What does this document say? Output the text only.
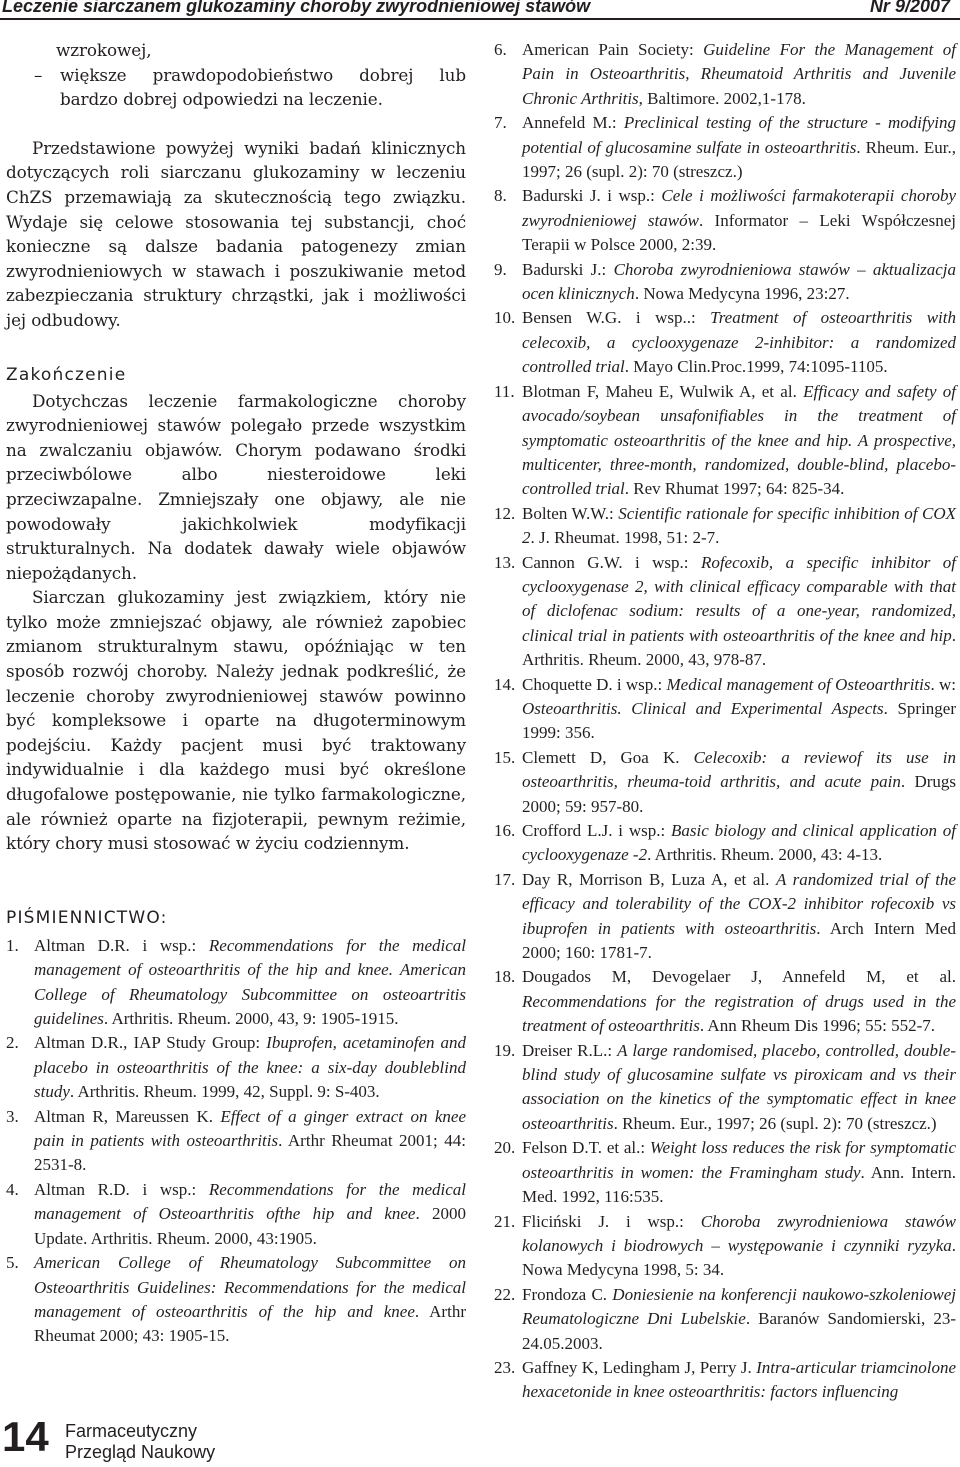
Leczenie siarczanem glukozaminy choroby zwyrodnieniowej stawów	Nr 9/2007

wzrokowej,

–	większe prawdopodobieństwo dobrej lub bardzo dobrej odpowiedzi na leczenie.

Przedstawione powyżej wyniki badań klinicznych dotyczących roli siarczanu glukozaminy w leczeniu ChZS przemawiają za skutecznością tego związku. Wydaje się celowe stosowania tej substancji, choć konieczne są dalsze badania patogenezy zmian zwyrodnieniowych w stawach i poszukiwanie metod zabezpieczania struktury chrząstki, jak i możliwości jej odbudowy.

Zakończenie

Dotychczas leczenie farmakologiczne choroby zwyrodnieniowej stawów polegało przede wszystkim na zwalczaniu objawów. Chorym podawano środki przeciwbólowe albo niesteroidowe leki przeciwzapalne. Zmniejszały one objawy, ale nie powodowały jakichkolwiek modyfikacji strukturalnych. Na dodatek dawały wiele objawów niepożądanych.

Siarczan glukozaminy jest związkiem, który nie tylko może zmniejszać objawy, ale również zapobiec zmianom strukturalnym stawu, opóźniając w ten sposób rozwój choroby. Należy jednak podkreślić, że leczenie choroby zwyrodnieniowej stawów powinno być kompleksowe i oparte na długoterminowym podejściu. Każdy pacjent musi być traktowany indywidualnie i dla każdego musi być określone długofalowe postępowanie, nie tylko farmakologiczne, ale również oparte na fizjoterapii, pewnym reżimie, który chory musi stosować w życiu codziennym.

PIŚMIENNICTWO:
1. Altman D.R. i wsp.: Recommendations for the medical management of osteoarthritis of the hip and knee. American College of Rheumatology Subcommittee on osteoartritis guidelines. Arthritis. Rheum. 2000, 43, 9: 1905-1915.
2. Altman D.R., IAP Study Group: Ibuprofen, acetaminofen and placebo in osteoarthritis of the knee: a six-day doubleblind study. Arthritis. Rheum. 1999, 42, Suppl. 9: S-403.
3. Altman R, Mareussen K. Effect of a ginger extract on knee pain in patients with osteoarthritis. Arthr Rheumat 2001; 44: 2531-8.
4. Altman R.D. i wsp.: Recommendations for the medical management of Osteoarthritis ofthe hip and knee. 2000 Update. Arthritis. Rheum. 2000, 43:1905.
5. American College of Rheumatology Subcommittee on Osteoarthritis Guidelines: Recommendations for the medical management of osteoarthritis of the hip and knee. Arthr Rheumat 2000; 43: 1905-15.
6. American Pain Society: Guideline For the Management of Pain in Osteoarthritis, Rheumatoid Arthritis and Juvenile Chronic Arthritis, Baltimore. 2002,1-178.
7. Annefeld M.: Preclinical testing of the structure - modifying potential of glucosamine sulfate in osteoarthritis. Rheum. Eur., 1997; 26 (supl. 2): 70 (streszcz.)
8. Badurski J. i wsp.: Cele i możliwości farmakoterapii choroby zwyrodnieniowej stawów. Informator – Leki Współczesnej Terapii w Polsce 2000, 2:39.
9. Badurski J.: Choroba zwyrodnieniowa stawów – aktualizacja ocen klinicznych. Nowa Medycyna 1996, 23:27.
10. Bensen W.G. i wsp..: Treatment of osteoarthritis with celecoxib, a cyclooxygenaze 2-inhibitor: a randomized controlled trial. Mayo Clin.Proc.1999, 74:1095-1105.
11. Blotman F, Maheu E, Wulwik A, et al. Efficacy and safety of avocado/soybean unsafonifiables in the treatment of symptomatic osteoarthritis of the knee and hip. A prospective, multicenter, three-month, randomized, double-blind, placebo-controlled trial. Rev Rhumat 1997; 64: 825-34.
12. Bolten W.W.: Scientific rationale for specific inhibition of COX 2. J. Rheumat. 1998, 51: 2-7.
13. Cannon G.W. i wsp.: Rofecoxib, a specific inhibitor of cyclooxygenase 2, with clinical efficacy comparable with that of diclofenac sodium: results of a one-year, randomized, clinical trial in patients with osteoarthritis of the knee and hip. Arthritis. Rheum. 2000, 43, 978-87.
14. Choquette D. i wsp.: Medical management of Osteoarthritis. w: Osteoarthritis. Clinical and Experimental Aspects. Springer 1999: 356.
15. Clemett D, Goa K. Celecoxib: a reviewof its use in osteoarthritis, rheuma-toid arthritis, and acute pain. Drugs 2000; 59: 957-80.
16. Crofford L.J. i wsp.: Basic biology and clinical application of cyclooxygenaze -2. Arthritis. Rheum. 2000, 43: 4-13.
17. Day R, Morrison B, Luza A, et al. A randomized trial of the efficacy and tolerability of the COX-2 inhibitor rofecoxib vs ibuprofen in patients with osteoarthritis. Arch Intern Med 2000; 160: 1781-7.
18. Dougados M, Devogelaer J, Annefeld M, et al. Recommendations for the registration of drugs used in the treatment of osteoarthritis. Ann Rheum Dis 1996; 55: 552-7.
19. Dreiser R.L.: A large randomised, placebo, controlled, double-blind study of glucosamine sulfate vs piroxicam and vs their association on the kinetics of the symptomatic effect in knee osteoarthritis. Rheum. Eur., 1997; 26 (supl. 2): 70 (streszcz.)
20. Felson D.T. et al.: Weight loss reduces the risk for symptomatic osteoarthritis in women: the Framingham study. Ann. Intern. Med. 1992, 116:535.
21. Fliciński J. i wsp.: Choroba zwyrodnieniowa stawów kolanowych i biodrowych – występowanie i czynniki ryzyka. Nowa Medycyna 1998, 5: 34.
22. Frondoza C. Doniesienie na konferencji naukowo-szkoleniowej Reumatologiczne Dni Lubelskie. Baranów Sandomierski, 23-24.05.2003.
23. Gaffney K, Ledingham J, Perry J. Intra-articular triamcinolone hexacetonide in knee osteoarthritis: factors influencing
14 Farmaceutyczny
Przegląd Naukowy
